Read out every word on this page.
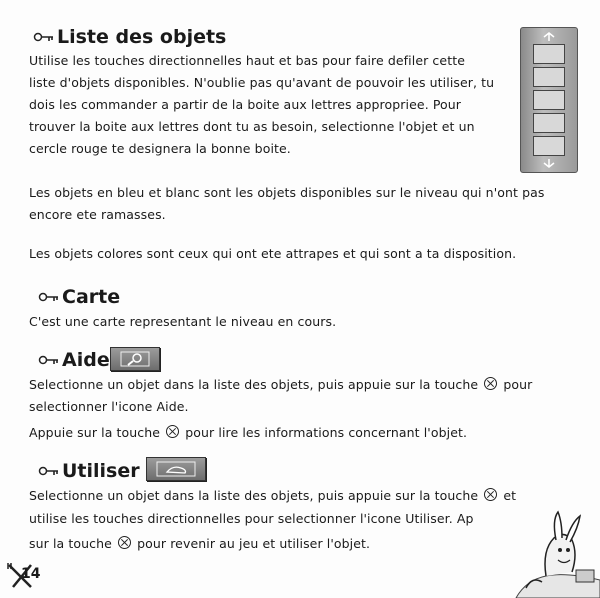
Liste des objets
Utilise les touches directionnelles haut et bas pour faire defiler cette
liste d'objets disponibles. N'oublie pas qu'avant de pouvoir les utiliser, tu
dois les commander a partir de la boite aux lettres appropriee. Pour
trouver la boite aux lettres dont tu as besoin, selectionne l'objet et un
cercle rouge te designera la bonne boite.
Les objets en bleu et blanc sont les objets disponibles sur le niveau qui n'ont pas
encore ete ramasses.
Les objets colores sont ceux qui ont ete attrapes et qui sont a ta disposition.
Carte
C'est une carte representant le niveau en cours.
Aide
Selectionne un objet dans la liste des objets, puis appuie sur la touche pour
selectionner l'icone Aide.
Appuie sur la touche pour lire les informations concernant l'objet.
Utiliser
Selectionne un objet dans la liste des objets, puis appuie sur la touche et
utilise les touches directionnelles pour selectionner l'icone Utiliser. Ap
sur la touche pour revenir au jeu et utiliser l'objet.
14
